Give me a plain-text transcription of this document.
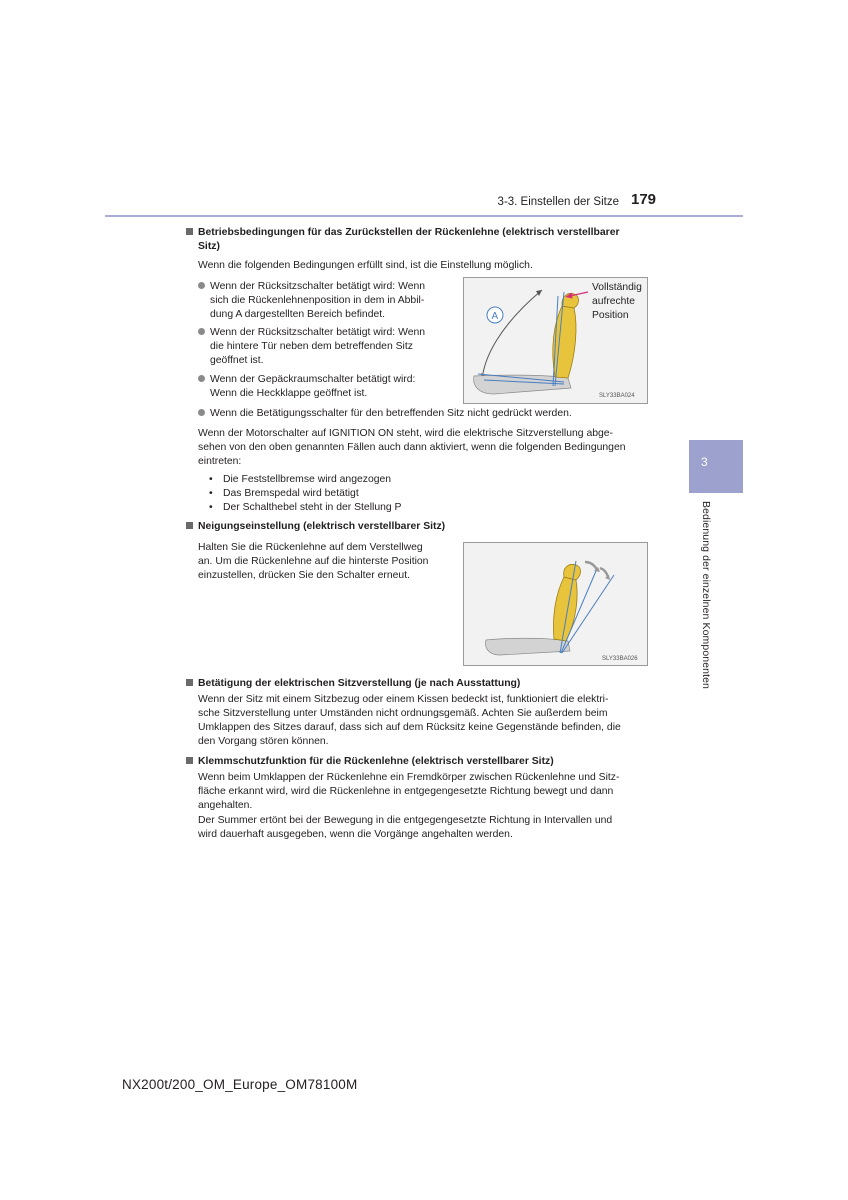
3-3. Einstellen der Sitze 179
3
Bedienung der einzelnen Komponenten
Betriebsbedingungen für das Zurückstellen der Rückenlehne (elektrisch verstellbarer
Sitz)
Wenn die folgenden Bedingungen erfüllt sind, ist die Einstellung möglich.
Wenn der Rücksitzschalter betätigt wird: Wenn
sich die Rückenlehnenposition in dem in Abbil-
dung A dargestellten Bereich befindet.
Wenn der Rücksitzschalter betätigt wird: Wenn
die hintere Tür neben dem betreffenden Sitz
geöffnet ist.
Wenn der Gepäckraumschalter betätigt wird:
Wenn die Heckklappe geöffnet ist.
A
Vollständig
aufrechte
Position
SLY33BA024
Wenn die Betätigungsschalter für den betreffenden Sitz nicht gedrückt werden.
Wenn der Motorschalter auf IGNITION ON steht, wird die elektrische Sitzverstellung abge-
sehen von den oben genannten Fällen auch dann aktiviert, wenn die folgenden Bedingungen
eintreten:
• Die Feststellbremse wird angezogen
• Das Bremspedal wird betätigt
• Der Schalthebel steht in der Stellung P
Neigungseinstellung (elektrisch verstellbarer Sitz)
Halten Sie die Rückenlehne auf dem Verstellweg
an. Um die Rückenlehne auf die hinterste Position
einzustellen, drücken Sie den Schalter erneut.
SLY33BA026
Betätigung der elektrischen Sitzverstellung (je nach Ausstattung)
Wenn der Sitz mit einem Sitzbezug oder einem Kissen bedeckt ist, funktioniert die elektri-
sche Sitzverstellung unter Umständen nicht ordnungsgemäß. Achten Sie außerdem beim
Umklappen des Sitzes darauf, dass sich auf dem Rücksitz keine Gegenstände befinden, die
den Vorgang stören können.
Klemmschutzfunktion für die Rückenlehne (elektrisch verstellbarer Sitz)
Wenn beim Umklappen der Rückenlehne ein Fremdkörper zwischen Rückenlehne und Sitz-
fläche erkannt wird, wird die Rückenlehne in entgegengesetzte Richtung bewegt und dann
angehalten.
Der Summer ertönt bei der Bewegung in die entgegengesetzte Richtung in Intervallen und
wird dauerhaft ausgegeben, wenn die Vorgänge angehalten werden.
NX200t/200_OM_Europe_OM78100M
